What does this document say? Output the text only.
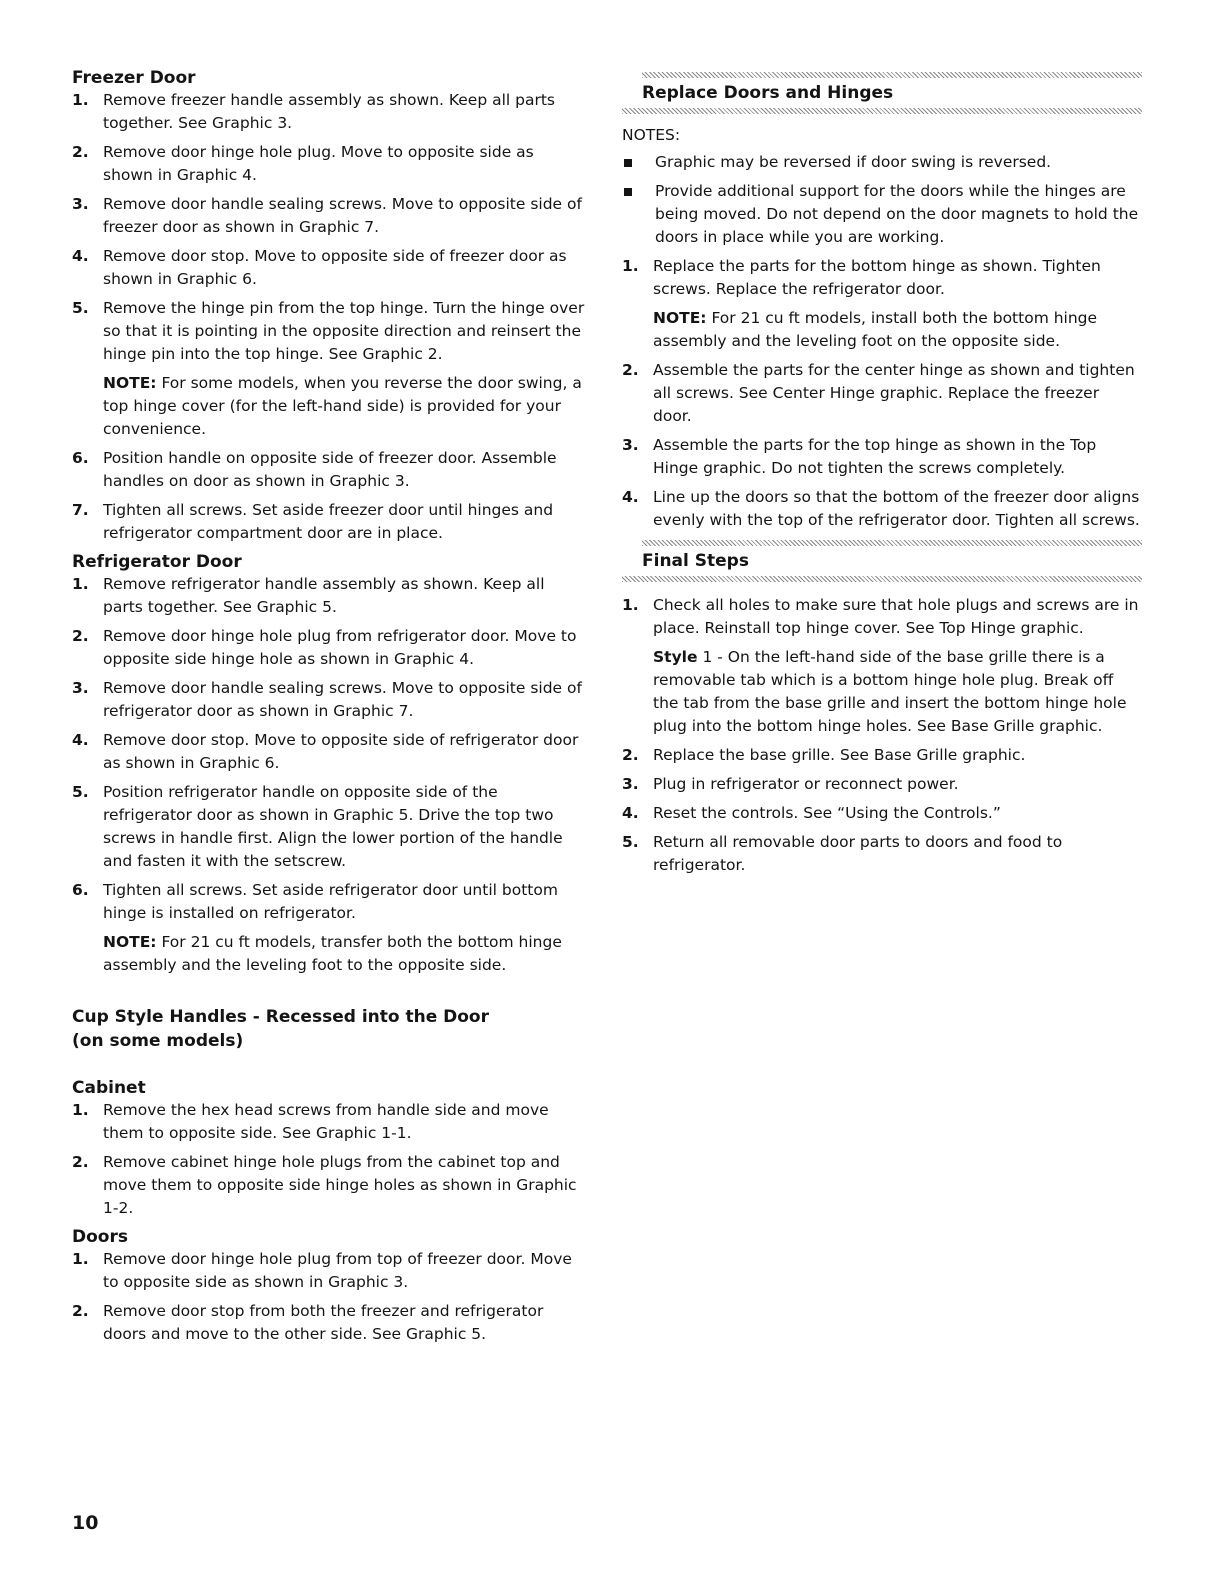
Freezer Door

1. Remove freezer handle assembly as shown. Keep all parts together. See Graphic 3.
2. Remove door hinge hole plug. Move to opposite side as shown in Graphic 4.
3. Remove door handle sealing screws. Move to opposite side of freezer door as shown in Graphic 7.
4. Remove door stop. Move to opposite side of freezer door as shown in Graphic 6.
5. Remove the hinge pin from the top hinge. Turn the hinge over so that it is pointing in the opposite direction and reinsert the hinge pin into the top hinge. See Graphic 2.
NOTE: For some models, when you reverse the door swing, a top hinge cover (for the left-hand side) is provided for your convenience.
6. Position handle on opposite side of freezer door. Assemble handles on door as shown in Graphic 3.
7. Tighten all screws. Set aside freezer door until hinges and refrigerator compartment door are in place.

Refrigerator Door

1. Remove refrigerator handle assembly as shown. Keep all parts together. See Graphic 5.
2. Remove door hinge hole plug from refrigerator door. Move to opposite side hinge hole as shown in Graphic 4.
3. Remove door handle sealing screws. Move to opposite side of refrigerator door as shown in Graphic 7.
4. Remove door stop. Move to opposite side of refrigerator door as shown in Graphic 6.
5. Position refrigerator handle on opposite side of the refrigerator door as shown in Graphic 5. Drive the top two screws in handle first. Align the lower portion of the handle and fasten it with the setscrew.
6. Tighten all screws. Set aside refrigerator door until bottom hinge is installed on refrigerator.
NOTE: For 21 cu ft models, transfer both the bottom hinge assembly and the leveling foot to the opposite side.

Cup Style Handles - Recessed into the Door

(on some models)

Cabinet

1. Remove the hex head screws from handle side and move them to opposite side. See Graphic 1-1.
2. Remove cabinet hinge hole plugs from the cabinet top and move them to opposite side hinge holes as shown in Graphic 1-2.

Doors

1. Remove door hinge hole plug from top of freezer door. Move to opposite side as shown in Graphic 3.
2. Remove door stop from both the freezer and refrigerator doors and move to the other side. See Graphic 5.
Replace Doors and Hinges
NOTES:
Graphic may be reversed if door swing is reversed.
Provide additional support for the doors while the hinges are being moved. Do not depend on the door magnets to hold the doors in place while you are working.
1. Replace the parts for the bottom hinge as shown. Tighten screws. Replace the refrigerator door.
NOTE: For 21 cu ft models, install both the bottom hinge assembly and the leveling foot on the opposite side.
2. Assemble the parts for the center hinge as shown and tighten all screws. See Center Hinge graphic. Replace the freezer door.
3. Assemble the parts for the top hinge as shown in the Top Hinge graphic. Do not tighten the screws completely.
4. Line up the doors so that the bottom of the freezer door aligns evenly with the top of the refrigerator door. Tighten all screws.
Final Steps
1. Check all holes to make sure that hole plugs and screws are in place. Reinstall top hinge cover. See Top Hinge graphic.
Style 1 - On the left-hand side of the base grille there is a removable tab which is a bottom hinge hole plug. Break off the tab from the base grille and insert the bottom hinge hole plug into the bottom hinge holes. See Base Grille graphic.
2. Replace the base grille. See Base Grille graphic.
3. Plug in refrigerator or reconnect power.
4. Reset the controls. See “Using the Controls.”
5. Return all removable door parts to doors and food to refrigerator.
10
